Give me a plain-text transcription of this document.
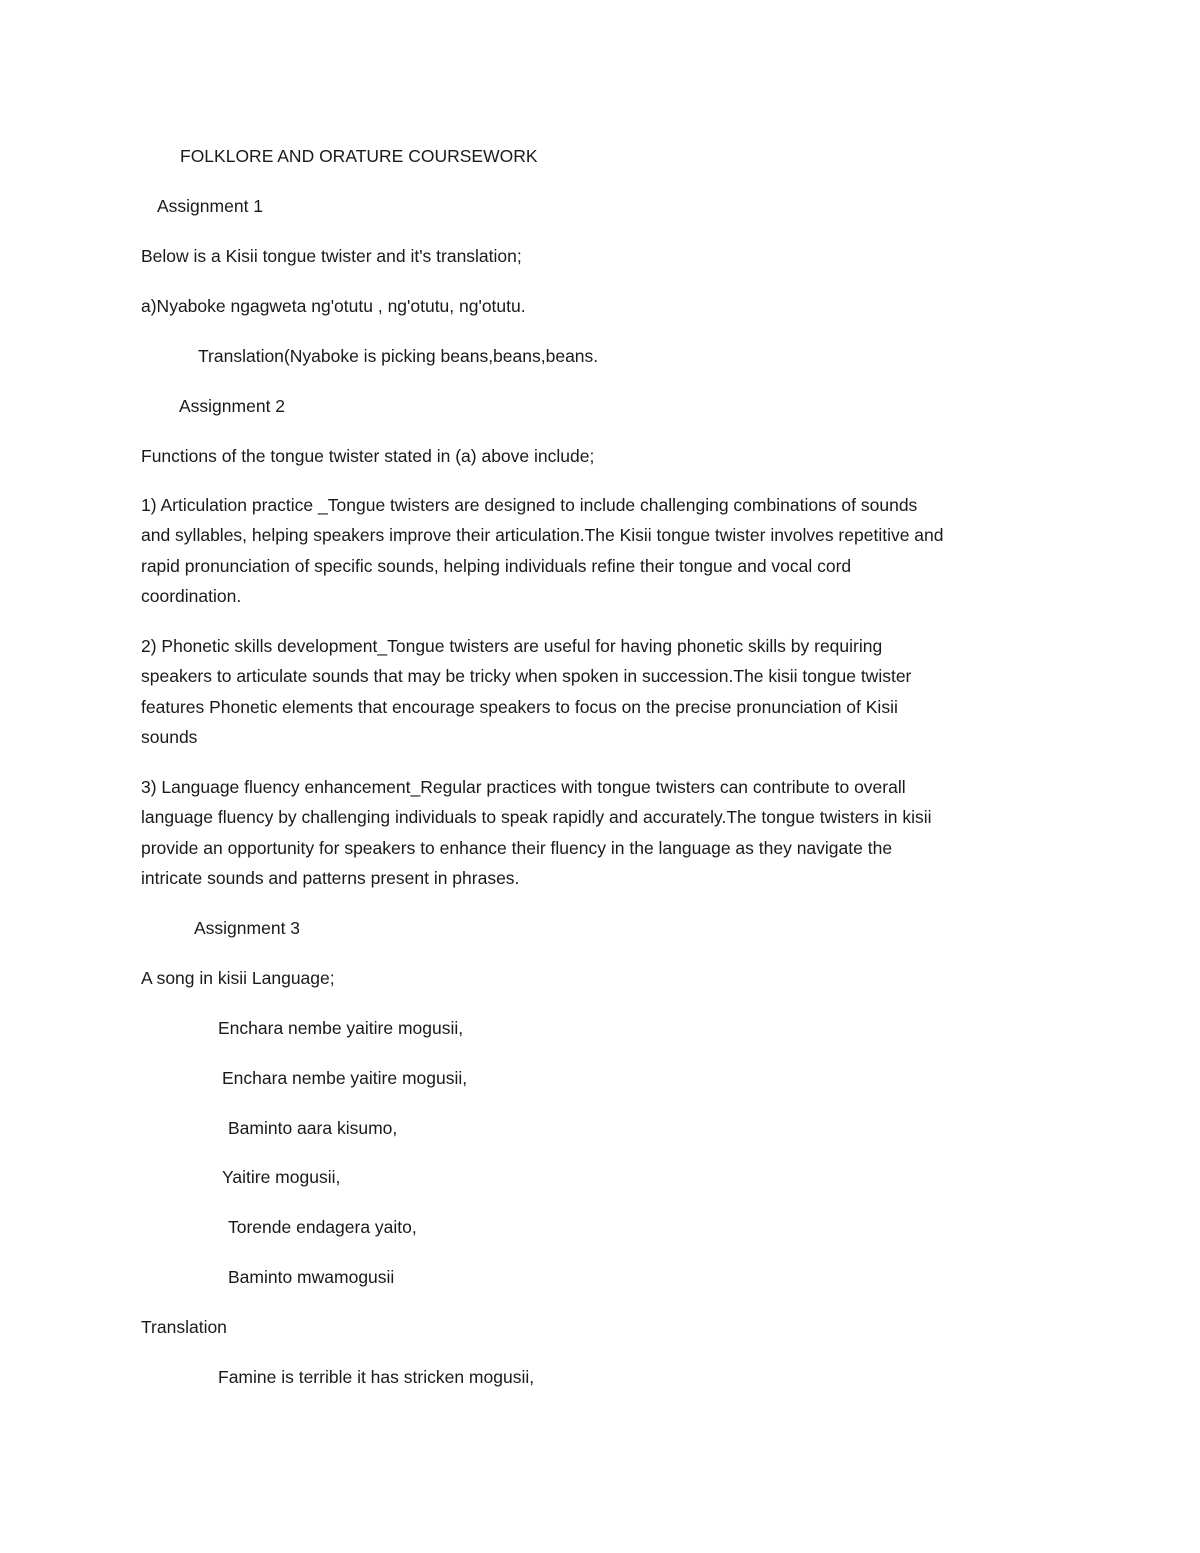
FOLKLORE AND ORATURE COURSEWORK
Assignment 1
Below is a Kisii tongue twister and it's translation;
a)Nyaboke ngagweta ng'otutu , ng'otutu, ng'otutu.
Translation(Nyaboke is picking beans,beans,beans.
Assignment 2
Functions of the tongue twister stated in (a) above include;

1) Articulation practice _Tongue twisters are designed to include challenging combinations of sounds
and syllables, helping speakers improve their articulation.The Kisii tongue twister involves repetitive and
rapid pronunciation of specific sounds, helping individuals refine their tongue and vocal cord
coordination.

2) Phonetic skills development_Tongue twisters are useful for having phonetic skills by requiring
speakers to articulate sounds that may be tricky when spoken in succession.The kisii tongue twister
features Phonetic elements that encourage speakers to focus on the precise pronunciation of Kisii
sounds

3) Language fluency enhancement_Regular practices with tongue twisters can contribute to overall
language fluency by challenging individuals to speak rapidly and accurately.The tongue twisters in kisii
provide an opportunity for speakers to enhance their fluency in the language as they navigate the
intricate sounds and patterns present in phrases.

Assignment 3
A song in kisii Language;
Enchara nembe yaitire mogusii,
Enchara nembe yaitire mogusii,
Baminto aara kisumo,
Yaitire mogusii,
Torende endagera yaito,
Baminto mwamogusii
Translation
Famine is terrible it has stricken mogusii,
